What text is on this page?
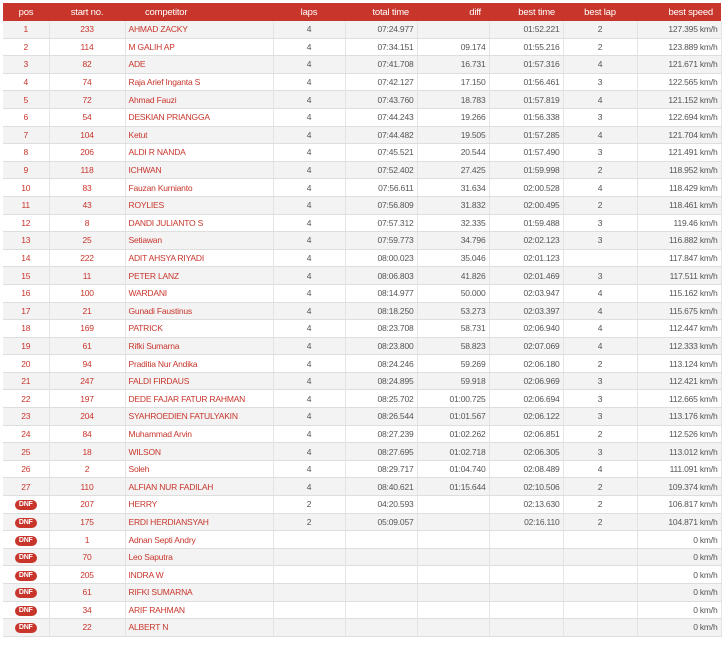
pos	start no.	competitor	laps	total time	diff	best time	best lap	best speed
1	233	AHMAD ZACKY	4	07:24.977		01:52.221	2	127.395 km/h
2	114	M GALIH AP	4	07:34.151	09.174	01:55.216	2	123.889 km/h
3	82	ADE	4	07:41.708	16.731	01:57.316	4	121.671 km/h
4	74	Raja Arief Inganta S	4	07:42.127	17.150	01:56.461	3	122.565 km/h
5	72	Ahmad Fauzi	4	07:43.760	18.783	01:57.819	4	121.152 km/h
6	54	DESKIAN PRIANGGA	4	07:44.243	19.266	01:56.338	3	122.694 km/h
7	104	Ketut	4	07:44.482	19.505	01:57.285	4	121.704 km/h
8	206	ALDI R NANDA	4	07:45.521	20.544	01:57.490	3	121.491 km/h
9	118	ICHWAN	4	07:52.402	27.425	01:59.998	2	118.952 km/h
10	83	Fauzan Kurnianto	4	07:56.611	31.634	02:00.528	4	118.429 km/h
11	43	ROYLIES	4	07:56.809	31.832	02:00.495	2	118.461 km/h
12	8	DANDI JULIANTO S	4	07:57.312	32.335	01:59.488	3	119.46 km/h
13	25	Setiawan	4	07:59.773	34.796	02:02.123	3	116.882 km/h
14	222	ADIT AHSYA RIYADI	4	08:00.023	35.046	02:01.123		117.847 km/h
15	11	PETER LANZ	4	08:06.803	41.826	02:01.469	3	117.511 km/h
16	100	WARDANI	4	08:14.977	50.000	02:03.947	4	115.162 km/h
17	21	Gunadi Faustinus	4	08:18.250	53.273	02:03.397	4	115.675 km/h
18	169	PATRICK	4	08:23.708	58.731	02:06.940	4	112.447 km/h
19	61	Rifki Sumarna	4	08:23.800	58.823	02:07.069	4	112.333 km/h
20	94	Praditia Nur Andika	4	08:24.246	59.269	02:06.180	2	113.124 km/h
21	247	FALDI FIRDAUS	4	08:24.895	59.918	02:06.969	3	112.421 km/h
22	197	DEDE FAJAR FATUR RAHMAN	4	08:25.702	01:00.725	02:06.694	3	112.665 km/h
23	204	SYAHROEDIEN FATULYAKIN	4	08:26.544	01:01.567	02:06.122	3	113.176 km/h
24	84	Muhammad Arvin	4	08:27.239	01:02.262	02:06.851	2	112.526 km/h
25	18	WILSON	4	08:27.695	01:02.718	02:06.305	3	113.012 km/h
26	2	Soleh	4	08:29.717	01:04.740	02:08.489	4	111.091 km/h
27	110	ALFIAN NUR FADILAH	4	08:40.621	01:15.644	02:10.506	2	109.374 km/h
DNF	207	HERRY	2	04:20.593		02:13.630	2	106.817 km/h
DNF	175	ERDI HERDIANSYAH	2	05:09.057		02:16.110	2	104.871 km/h
DNF	1	Adnan Septi Andry						0 km/h
DNF	70	Leo Saputra						0 km/h
DNF	205	INDRA W						0 km/h
DNF	61	RIFKI SUMARNA						0 km/h
DNF	34	ARIF RAHMAN						0 km/h
DNF	22	ALBERT N						0 km/h
